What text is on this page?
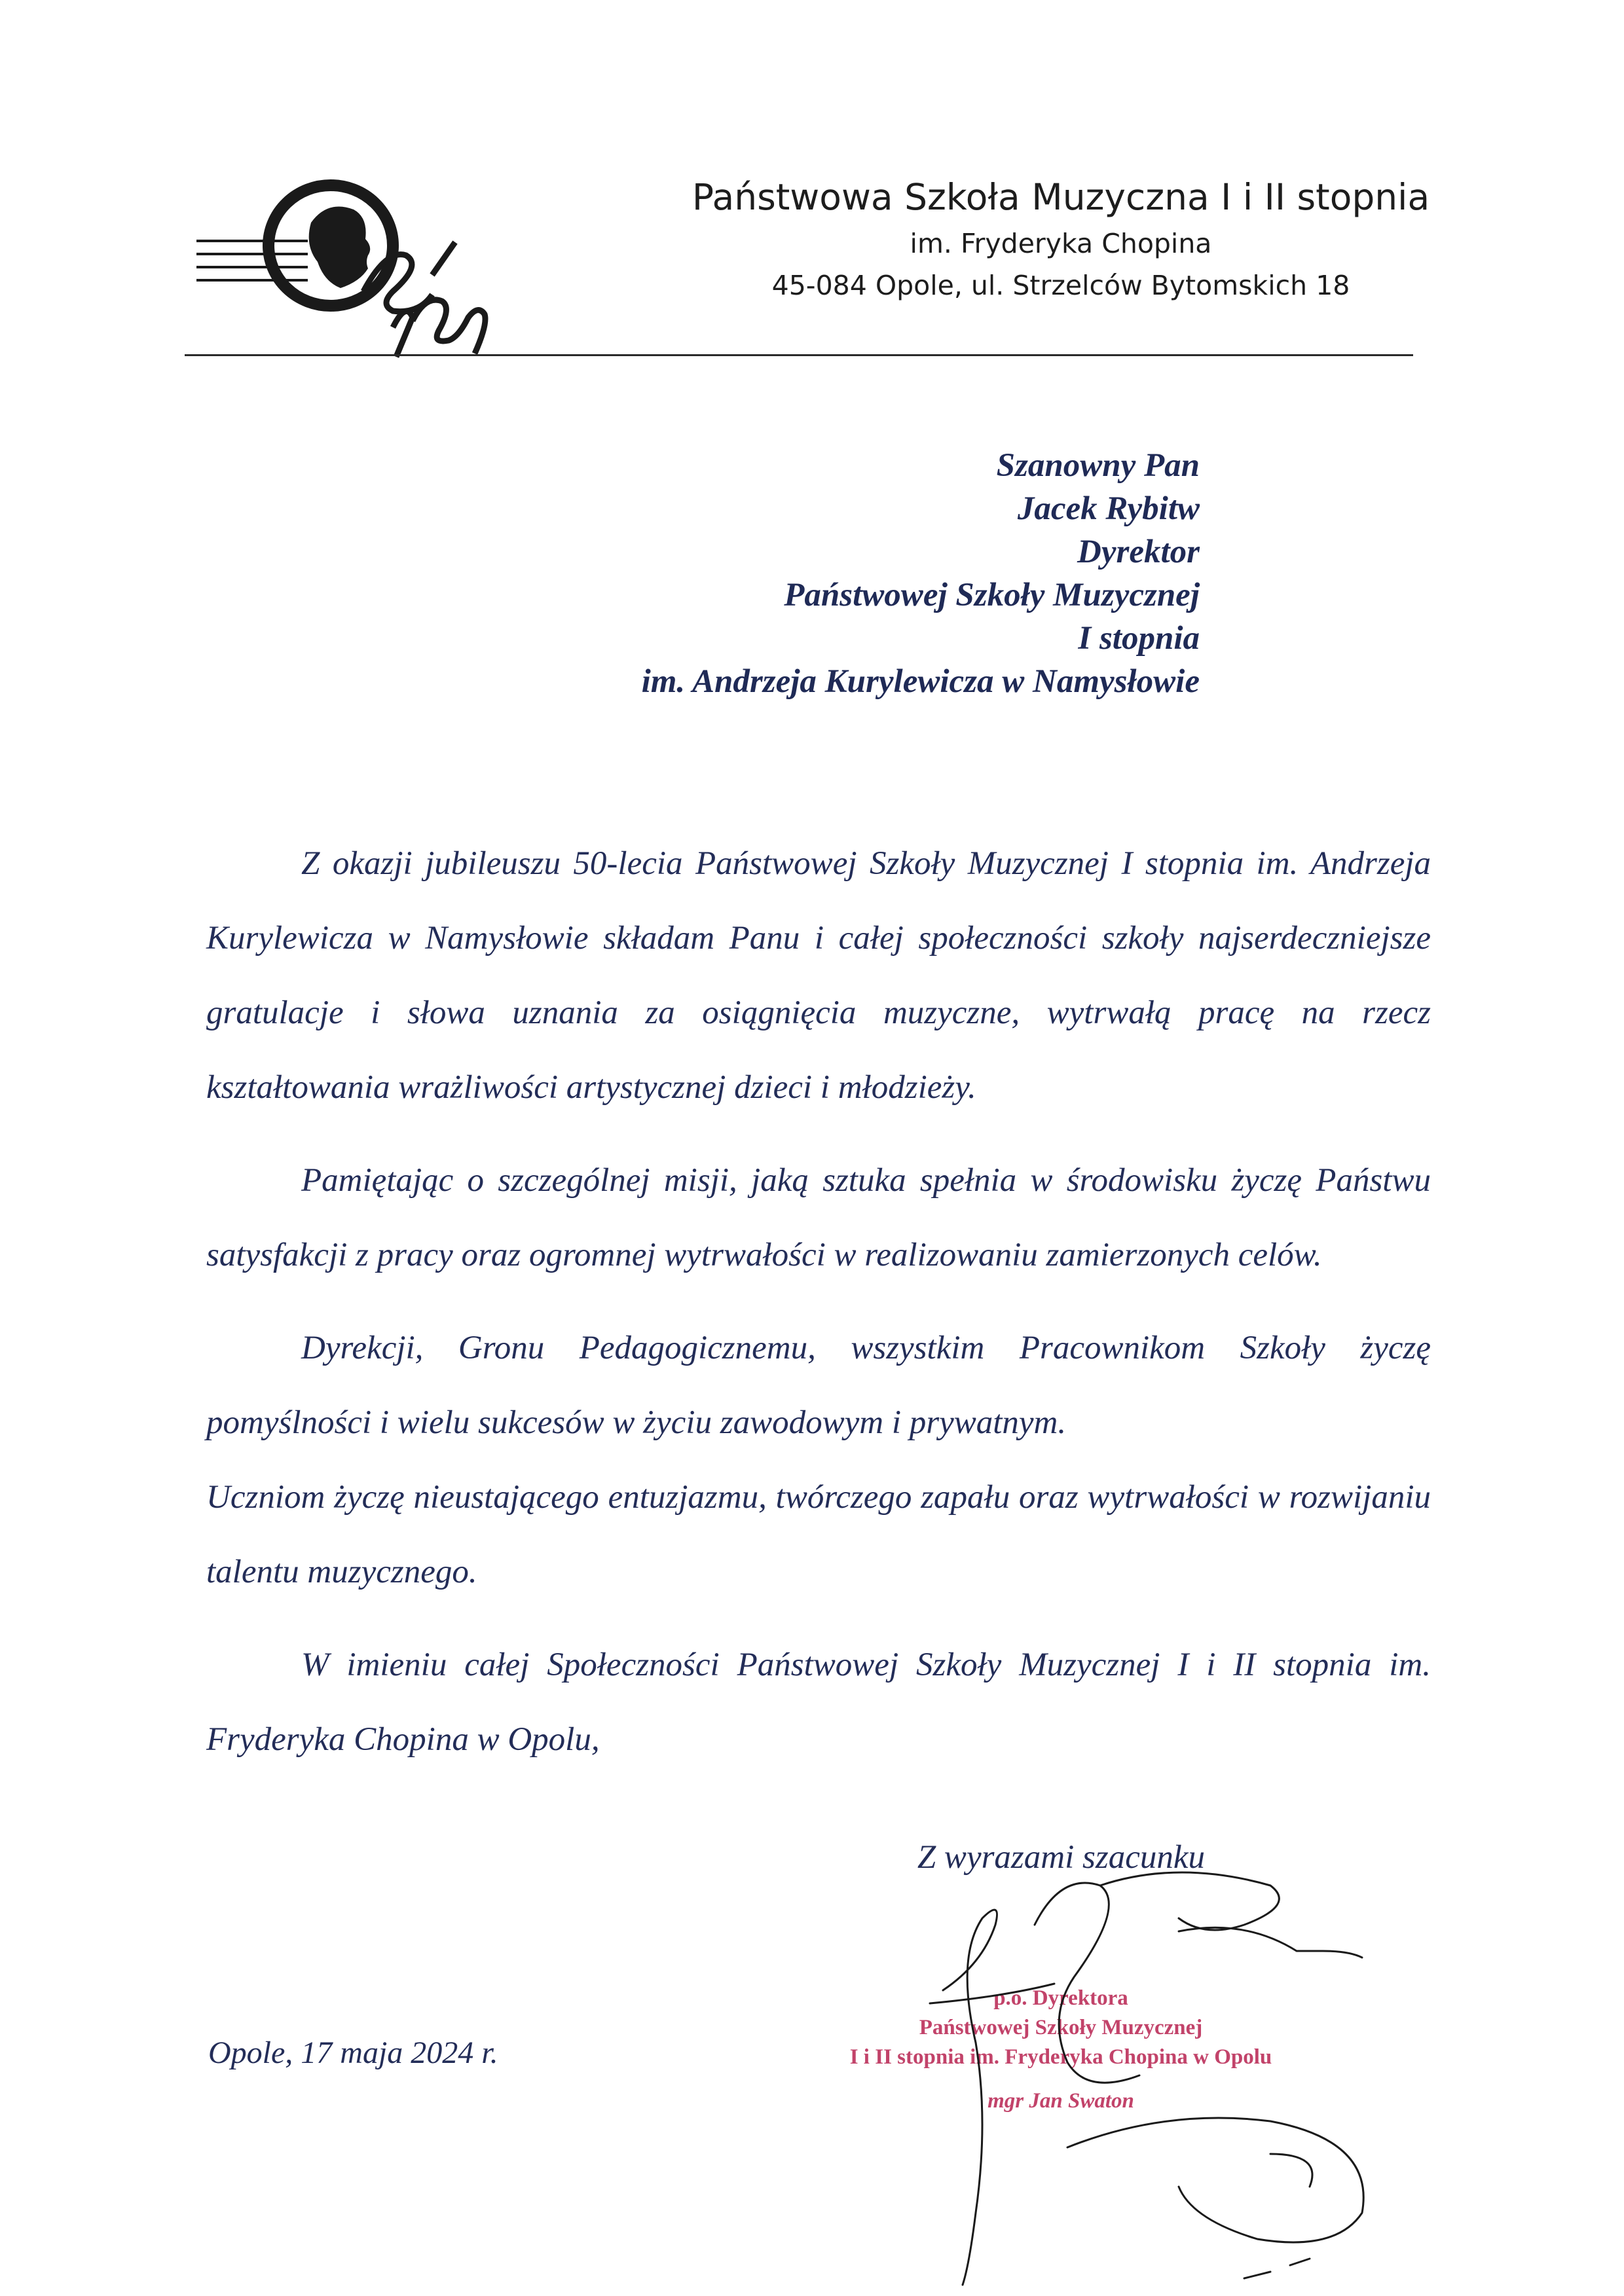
Państwowa Szkoła Muzyczna I i II stopnia
im. Fryderyka Chopina
45-084 Opole, ul. Strzelców Bytomskich 18
Szanowny Pan
Jacek Rybitw
Dyrektor
Państwowej Szkoły Muzycznej
I stopnia
im. Andrzeja Kurylewicza w Namysłowie

Z okazji jubileuszu 50-lecia Państwowej Szkoły Muzycznej I stopnia im. Andrzeja Kurylewicza w Namysłowie składam Panu i całej społeczności szkoły najserdeczniejsze gratulacje i słowa uznania za osiągnięcia muzyczne, wytrwałą pracę na rzecz kształtowania wrażliwości artystycznej dzieci i młodzieży.

Pamiętając o szczególnej misji, jaką sztuka spełnia w środowisku życzę Państwu satysfakcji z pracy oraz ogromnej wytrwałości w realizowaniu zamierzonych celów.

Dyrekcji, Gronu Pedagogicznemu, wszystkim Pracownikom Szkoły życzę pomyślności i wielu sukcesów w życiu zawodowym i prywatnym.

Uczniom życzę nieustającego entuzjazmu, twórczego zapału oraz wytrwałości w rozwijaniu talentu muzycznego.

W imieniu całej Społeczności Państwowej Szkoły Muzycznej I i II stopnia im. Fryderyka Chopina w Opolu,

Z wyrazami szacunku
p.o. Dyrektora
Państwowej Szkoły Muzycznej
I i II stopnia im. Fryderyka Chopina w Opolu
mgr Jan Swaton
Opole, 17 maja 2024 r.
